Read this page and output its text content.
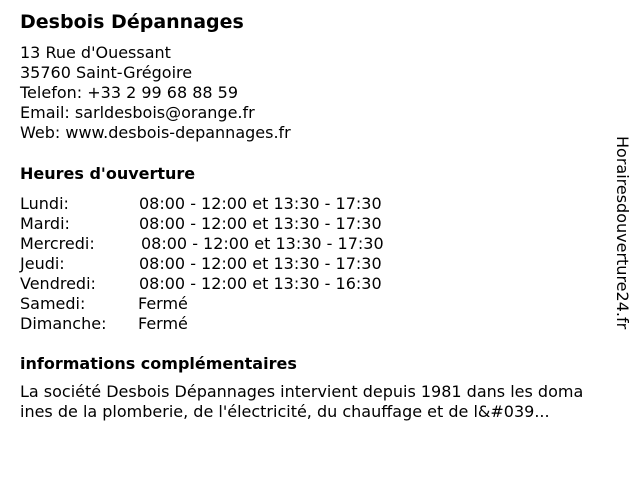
Desbois Dépannages
13 Rue d'Ouessant
35760 Saint-Grégoire
Telefon: +33 2 99 68 88 59
Email: sarldesbois@orange.fr
Web: www.desbois-depannages.fr
Heures d'ouverture
Lundi:	08:00 - 12:00 et 13:30 - 17:30
Mardi:	08:00 - 12:00 et 13:30 - 17:30
Mercredi:	08:00 - 12:00 et 13:30 - 17:30
Jeudi:	08:00 - 12:00 et 13:30 - 17:30
Vendredi:	08:00 - 12:00 et 13:30 - 16:30
Samedi:	Fermé
Dimanche: Fermé
informations complémentaires
La société Desbois Dépannages intervient depuis 1981 dans les doma
ines de la plomberie, de l'électricité, du chauffage et de l&#039...
Horairesdouverture24.fr
